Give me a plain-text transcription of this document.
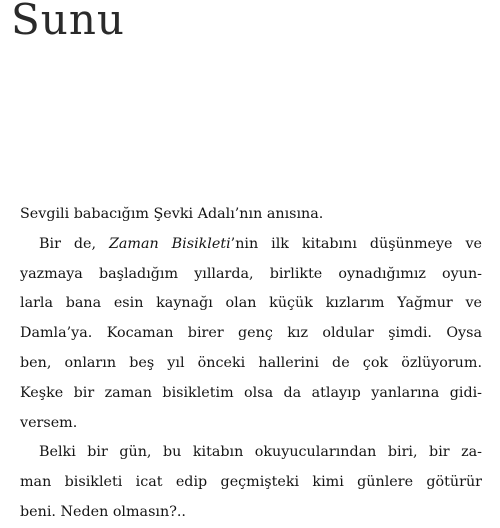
Sunu
Sevgili babacığım Şevki Adalı’nın anısına.
Bir de, Zaman Bisikleti’nin ilk kitabını düşünmeye ve
yazmaya başladığım yıllarda, birlikte oynadığımız oyun-
larla bana esin kaynağı olan küçük kızlarım Yağmur ve
Damla’ya. Kocaman birer genç kız oldular şimdi. Oysa
ben, onların beş yıl önceki hallerini de çok özlüyorum.
Keşke bir zaman bisikletim olsa da atlayıp yanlarına gidi-
versem.
Belki bir gün, bu kitabın okuyucularından biri, bir za-
man bisikleti icat edip geçmişteki kimi günlere götürür
beni. Neden olmasın?..
